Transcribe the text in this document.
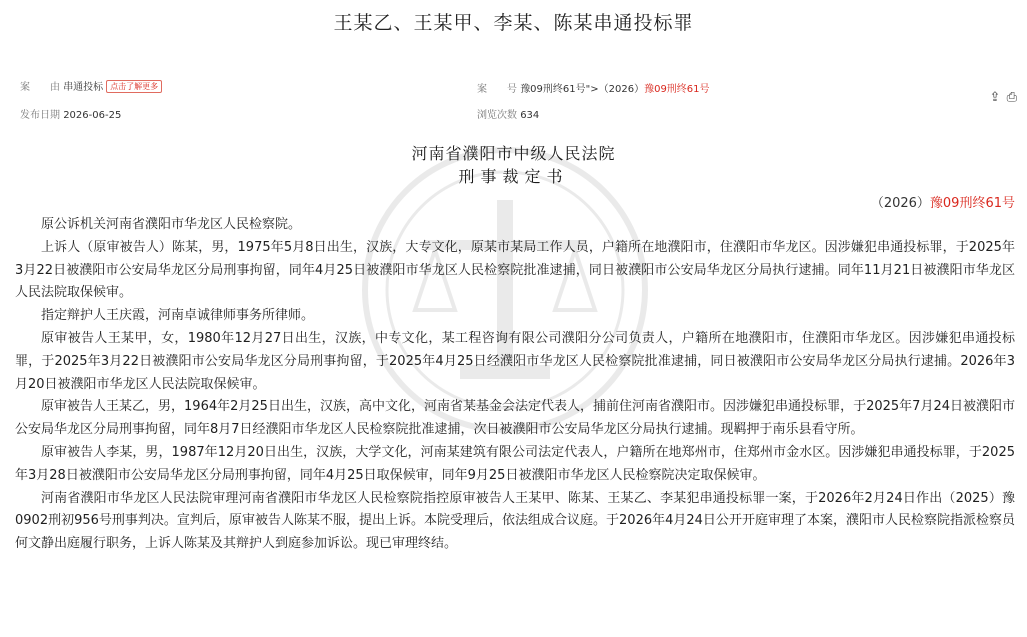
王某乙、王某甲、李某、陈某串通投标罪
案　　由 串通投标 点击了解更多	案　　号 豫09刑终61号">（2026）豫09刑终61号
发布日期 2026-06-25	浏览次数 634
⇪ ⎙
河南省濮阳市中级人民法院
刑事裁定书
（2026）豫09刑终61号

原公诉机关河南省濮阳市华龙区人民检察院。

上诉人（原审被告人）陈某，男，1975年5月8日出生，汉族，大专文化，原某市某局工作人员，户籍所在地濮阳市，住濮阳市华龙区。因涉嫌犯串通投标罪，于2025年3月22日被濮阳市公安局华龙区分局刑事拘留，同年4月25日被濮阳市华龙区人民检察院批准逮捕，同日被濮阳市公安局华龙区分局执行逮捕。同年11月21日被濮阳市华龙区人民法院取保候审。

指定辩护人王庆霞，河南卓诚律师事务所律师。

原审被告人王某甲，女，1980年12月27日出生，汉族，中专文化，某工程咨询有限公司濮阳分公司负责人，户籍所在地濮阳市，住濮阳市华龙区。因涉嫌犯串通投标罪，于2025年3月22日被濮阳市公安局华龙区分局刑事拘留，于2025年4月25日经濮阳市华龙区人民检察院批准逮捕，同日被濮阳市公安局华龙区分局执行逮捕。2026年3月20日被濮阳市华龙区人民法院取保候审。

原审被告人王某乙，男，1964年2月25日出生，汉族，高中文化，河南省某基金会法定代表人，捕前住河南省濮阳市。因涉嫌犯串通投标罪，于2025年7月24日被濮阳市公安局华龙区分局刑事拘留，同年8月7日经濮阳市华龙区人民检察院批准逮捕，次日被濮阳市公安局华龙区分局执行逮捕。现羁押于南乐县看守所。

原审被告人李某，男，1987年12月20日出生，汉族，大学文化，河南某建筑有限公司法定代表人，户籍所在地郑州市，住郑州市金水区。因涉嫌犯串通投标罪，于2025年3月28日被濮阳市公安局华龙区分局刑事拘留，同年4月25日取保候审，同年9月25日被濮阳市华龙区人民检察院决定取保候审。

河南省濮阳市华龙区人民法院审理河南省濮阳市华龙区人民检察院指控原审被告人王某甲、陈某、王某乙、李某犯串通投标罪一案，于2026年2月24日作出（2025）豫0902刑初956号刑事判决。宣判后，原审被告人陈某不服，提出上诉。本院受理后，依法组成合议庭。于2026年4月24日公开开庭审理了本案，濮阳市人民检察院指派检察员何文静出庭履行职务，上诉人陈某及其辩护人到庭参加诉讼。现已审理终结。
